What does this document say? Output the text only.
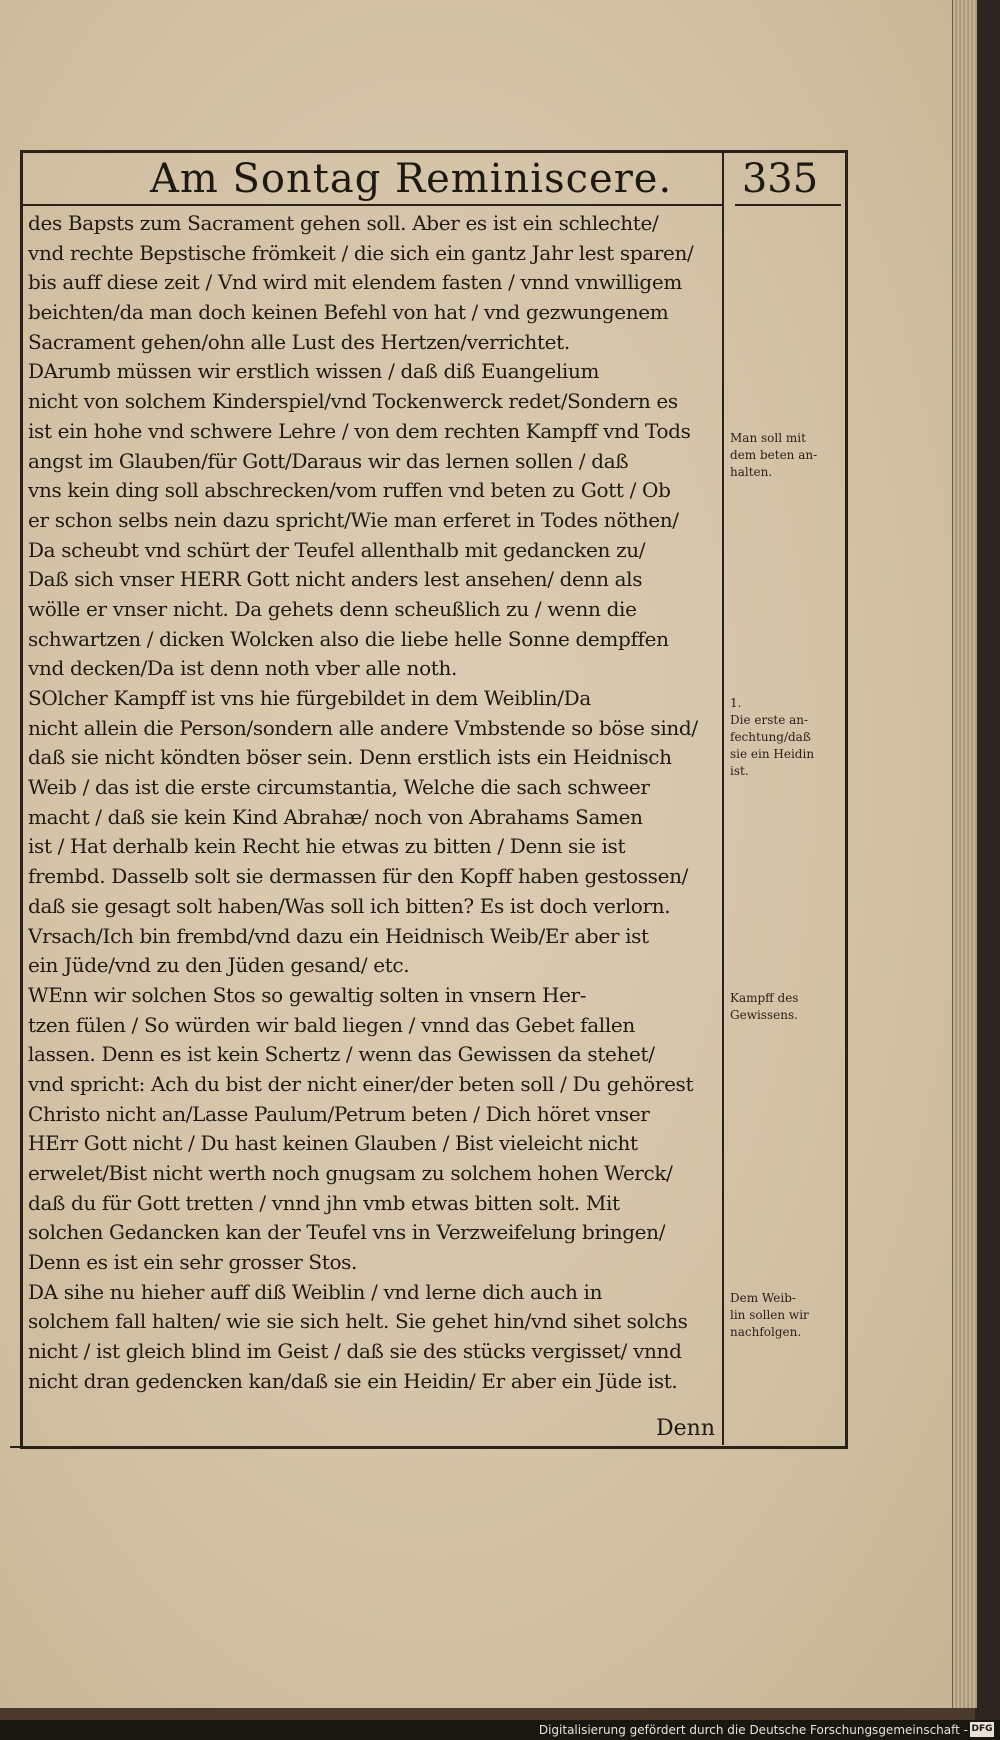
Am Sontag Reminiscere. 335
des Bapsts zum Sacrament gehen soll. Aber es ist ein schlechte/
vnd rechte Bepstische frömkeit / die sich ein gantz Jahr lest sparen/
bis auff diese zeit / Vnd wird mit elendem fasten / vnnd vnwilligem
beichten/da man doch keinen Befehl von hat / vnd gezwungenem
Sacrament gehen/ohn alle Lust des Hertzen/verrichtet.
DArumb müssen wir erstlich wissen / daß diß Euangelium
nicht von solchem Kinderspiel/vnd Tockenwerck redet/Sondern es
ist ein hohe vnd schwere Lehre / von dem rechten Kampff vnd Tods
angst im Glauben/für Gott/Daraus wir das lernen sollen / daß
vns kein ding soll abschrecken/vom ruffen vnd beten zu Gott / Ob
er schon selbs nein dazu spricht/Wie man erferet in Todes nöthen/
Da scheubt vnd schürt der Teufel allenthalb mit gedancken zu/
Daß sich vnser HERR Gott nicht anders lest ansehen/ denn als
wölle er vnser nicht. Da gehets denn scheußlich zu / wenn die
schwartzen / dicken Wolcken also die liebe helle Sonne dempffen
vnd decken/Da ist denn noth vber alle noth.
SOlcher Kampff ist vns hie fürgebildet in dem Weiblin/Da
nicht allein die Person/sondern alle andere Vmbstende so böse sind/
daß sie nicht köndten böser sein. Denn erstlich ists ein Heidnisch
Weib / das ist die erste circumstantia, Welche die sach schweer
macht / daß sie kein Kind Abrahæ/ noch von Abrahams Samen
ist / Hat derhalb kein Recht hie etwas zu bitten / Denn sie ist
frembd. Dasselb solt sie dermassen für den Kopff haben gestossen/
daß sie gesagt solt haben/Was soll ich bitten? Es ist doch verlorn.
Vrsach/Ich bin frembd/vnd dazu ein Heidnisch Weib/Er aber ist
ein Jüde/vnd zu den Jüden gesand/ etc.
WEnn wir solchen Stos so gewaltig solten in vnsern Her-
tzen fülen / So würden wir bald liegen / vnnd das Gebet fallen
lassen. Denn es ist kein Schertz / wenn das Gewissen da stehet/
vnd spricht: Ach du bist der nicht einer/der beten soll / Du gehörest
Christo nicht an/Lasse Paulum/Petrum beten / Dich höret vnser
HErr Gott nicht / Du hast keinen Glauben / Bist vieleicht nicht
erwelet/Bist nicht werth noch gnugsam zu solchem hohen Werck/
daß du für Gott tretten / vnnd jhn vmb etwas bitten solt. Mit
solchen Gedancken kan der Teufel vns in Verzweifelung bringen/
Denn es ist ein sehr grosser Stos.
DA sihe nu hieher auff diß Weiblin / vnd lerne dich auch in
solchem fall halten/ wie sie sich helt. Sie gehet hin/vnd sihet solchs
nicht / ist gleich blind im Geist / daß sie des stücks vergisset/ vnnd
nicht dran gedencken kan/daß sie ein Heidin/ Er aber ein Jüde ist.
Denn
Man soll mit
dem beten an-
halten.
1.
Die erste an-
fechtung/daß
sie ein Heidin
ist.
Kampff des
Gewissens.
Dem Weib-
lin sollen wir
nachfolgen.
Digitalisierung gefördert durch die Deutsche Forschungsgemeinschaft - DFG
